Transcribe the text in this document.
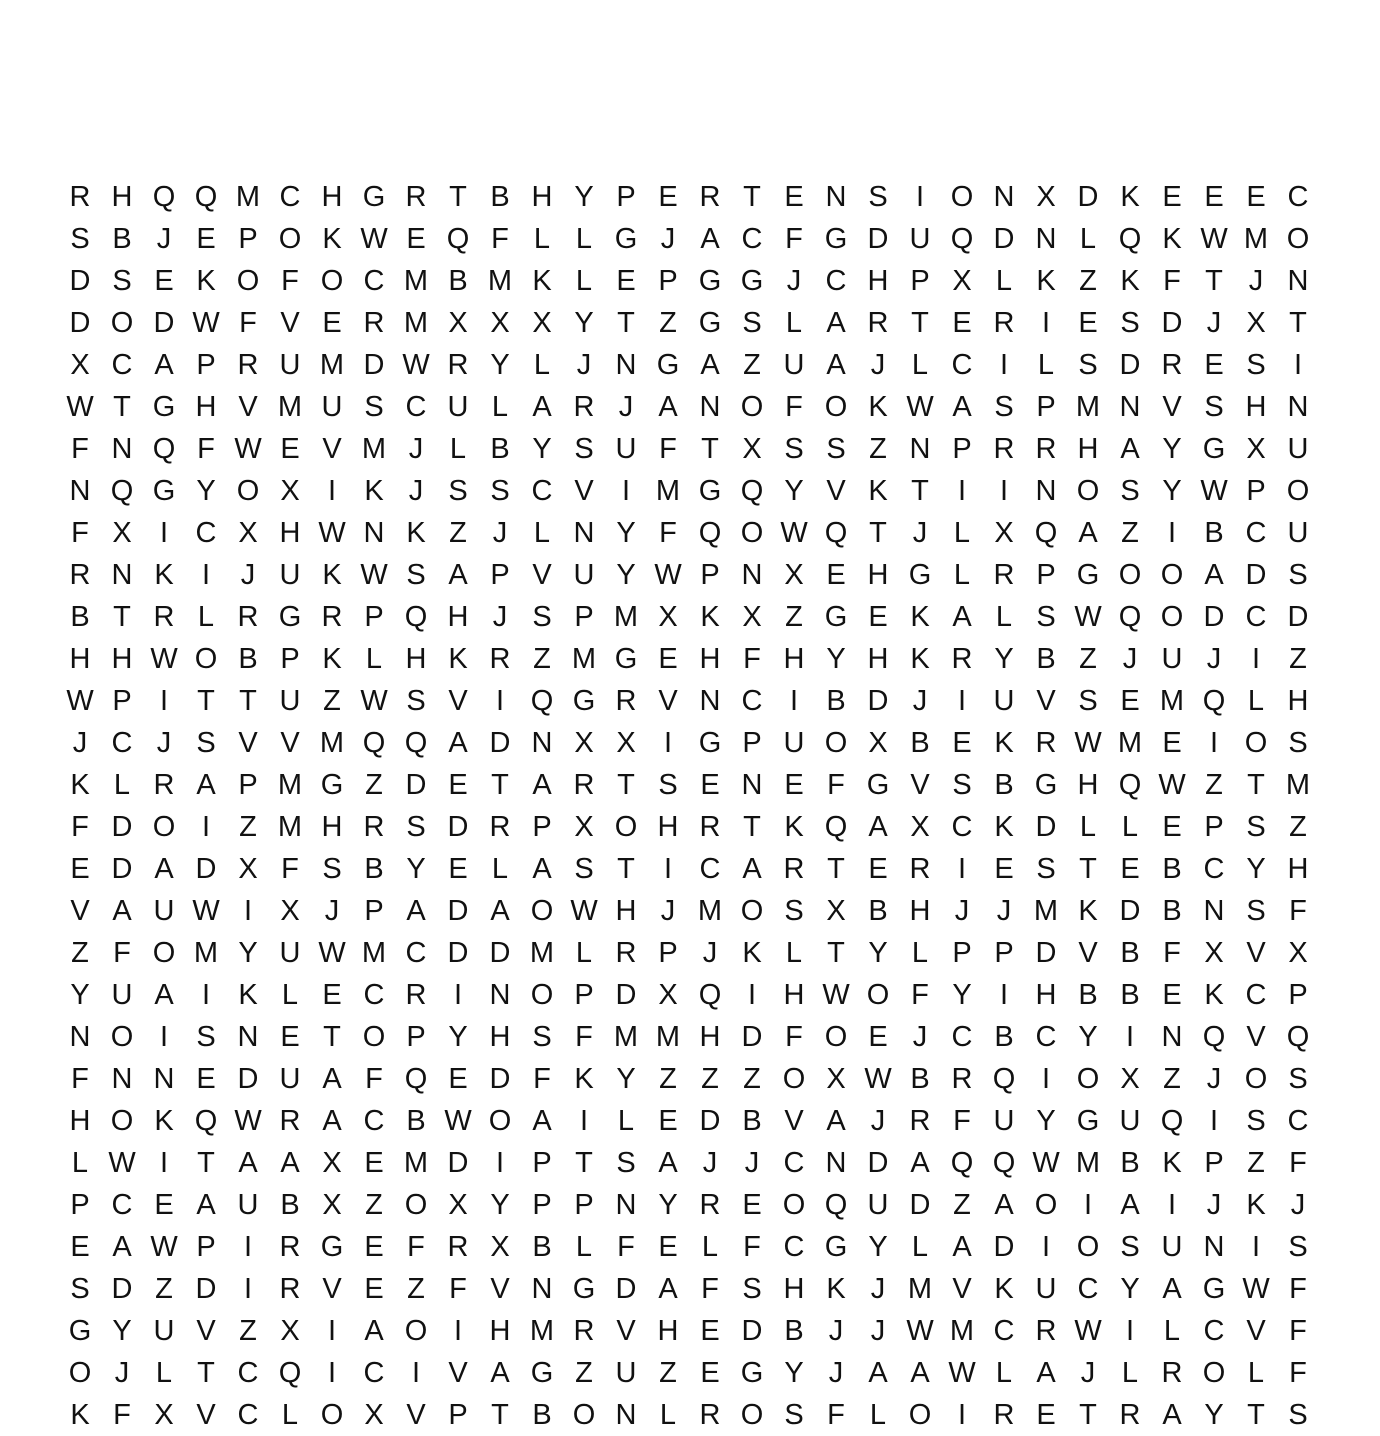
R H Q Q M C H G R T B H Y P E R T E N S I O N X D K E E E C
S B J E P O K W E Q F L L G J A C F G D U Q D N L Q K W M O
D S E K O F O C M B M K L E P G G J C H P X L K Z K F T J N
D O D W F V E R M X X X Y T Z G S L A R T E R I E S D J X T
X C A P R U M D W R Y L J N G A Z U A J L C I	L S D R E S I
W T G H V M U S C U L A R J A N O F O K W A S P M N V S H N
F N Q F W E V M J L B Y S U F T X S S Z N P R R H A Y G X U
N Q G Y O X I K J S S C V I M G Q Y V K T	I	I N O S Y W P O
F X I C X H W N K Z J L N Y F Q O W Q T J L X Q A Z	I B C U
R N K I	J U K W S A P V U Y W P N X E H G L R P G O O A D S
B T R L R G R P Q H J S P M X K X Z G E K A L S W Q O D C D
H H W O B P K L H K R Z M G E H F H Y H K R Y B Z J U J	I	Z
W P I	T T U Z W S V I Q G R V N C I B D J	I U V S E M Q L H
J C J S V V M Q Q A D N X X I G P U O X B E K R W M E I O S
K L R A P M G Z D E T A R T S E N E F G V S B G H Q W Z T M
F D O I	Z M H R S D R P X O H R T K Q A X C K D L L E P S Z
E D A D X F S B Y E L A S T	I C A R T E R I E S T E B C Y H
V A U W I X J P A D A O W H J M O S X B H J J M K D B N S F
Z F O M Y U W M C D D M L R P J K L T Y L P P D V B F X V X
Y U A I K L E C R I N O P D X Q I H W O F Y I H B B E K C P
N O I S N E T O P Y H S F M M H D F O E J C B C Y I N Q V Q
F N N E D U A F Q E D F K Y Z Z Z O X W B R Q I O X Z J O S
H O K Q W R A C B W O A I	L E D B V A J R F U Y G U Q I S C
L W I	T A A X E M D I P T S A J J C N D A Q Q W M B K P Z F
P C E A U B X Z O X Y P P N Y R E O Q U D Z A O I A I	J K J
E A W P I R G E F R X B L F E L F C G Y L A D I O S U N I S
S D Z D I R V E Z F V N G D A F S H K J M V K U C Y A G W F
G Y U V Z X I A O I H M R V H E D B J J W M C R W I	L C V F
O J L T C Q I C I V A G Z U Z E G Y J A A W L A J L R O L F
K F X V C L O X V P T B O N L R O S F L O I R E T R A Y T S
